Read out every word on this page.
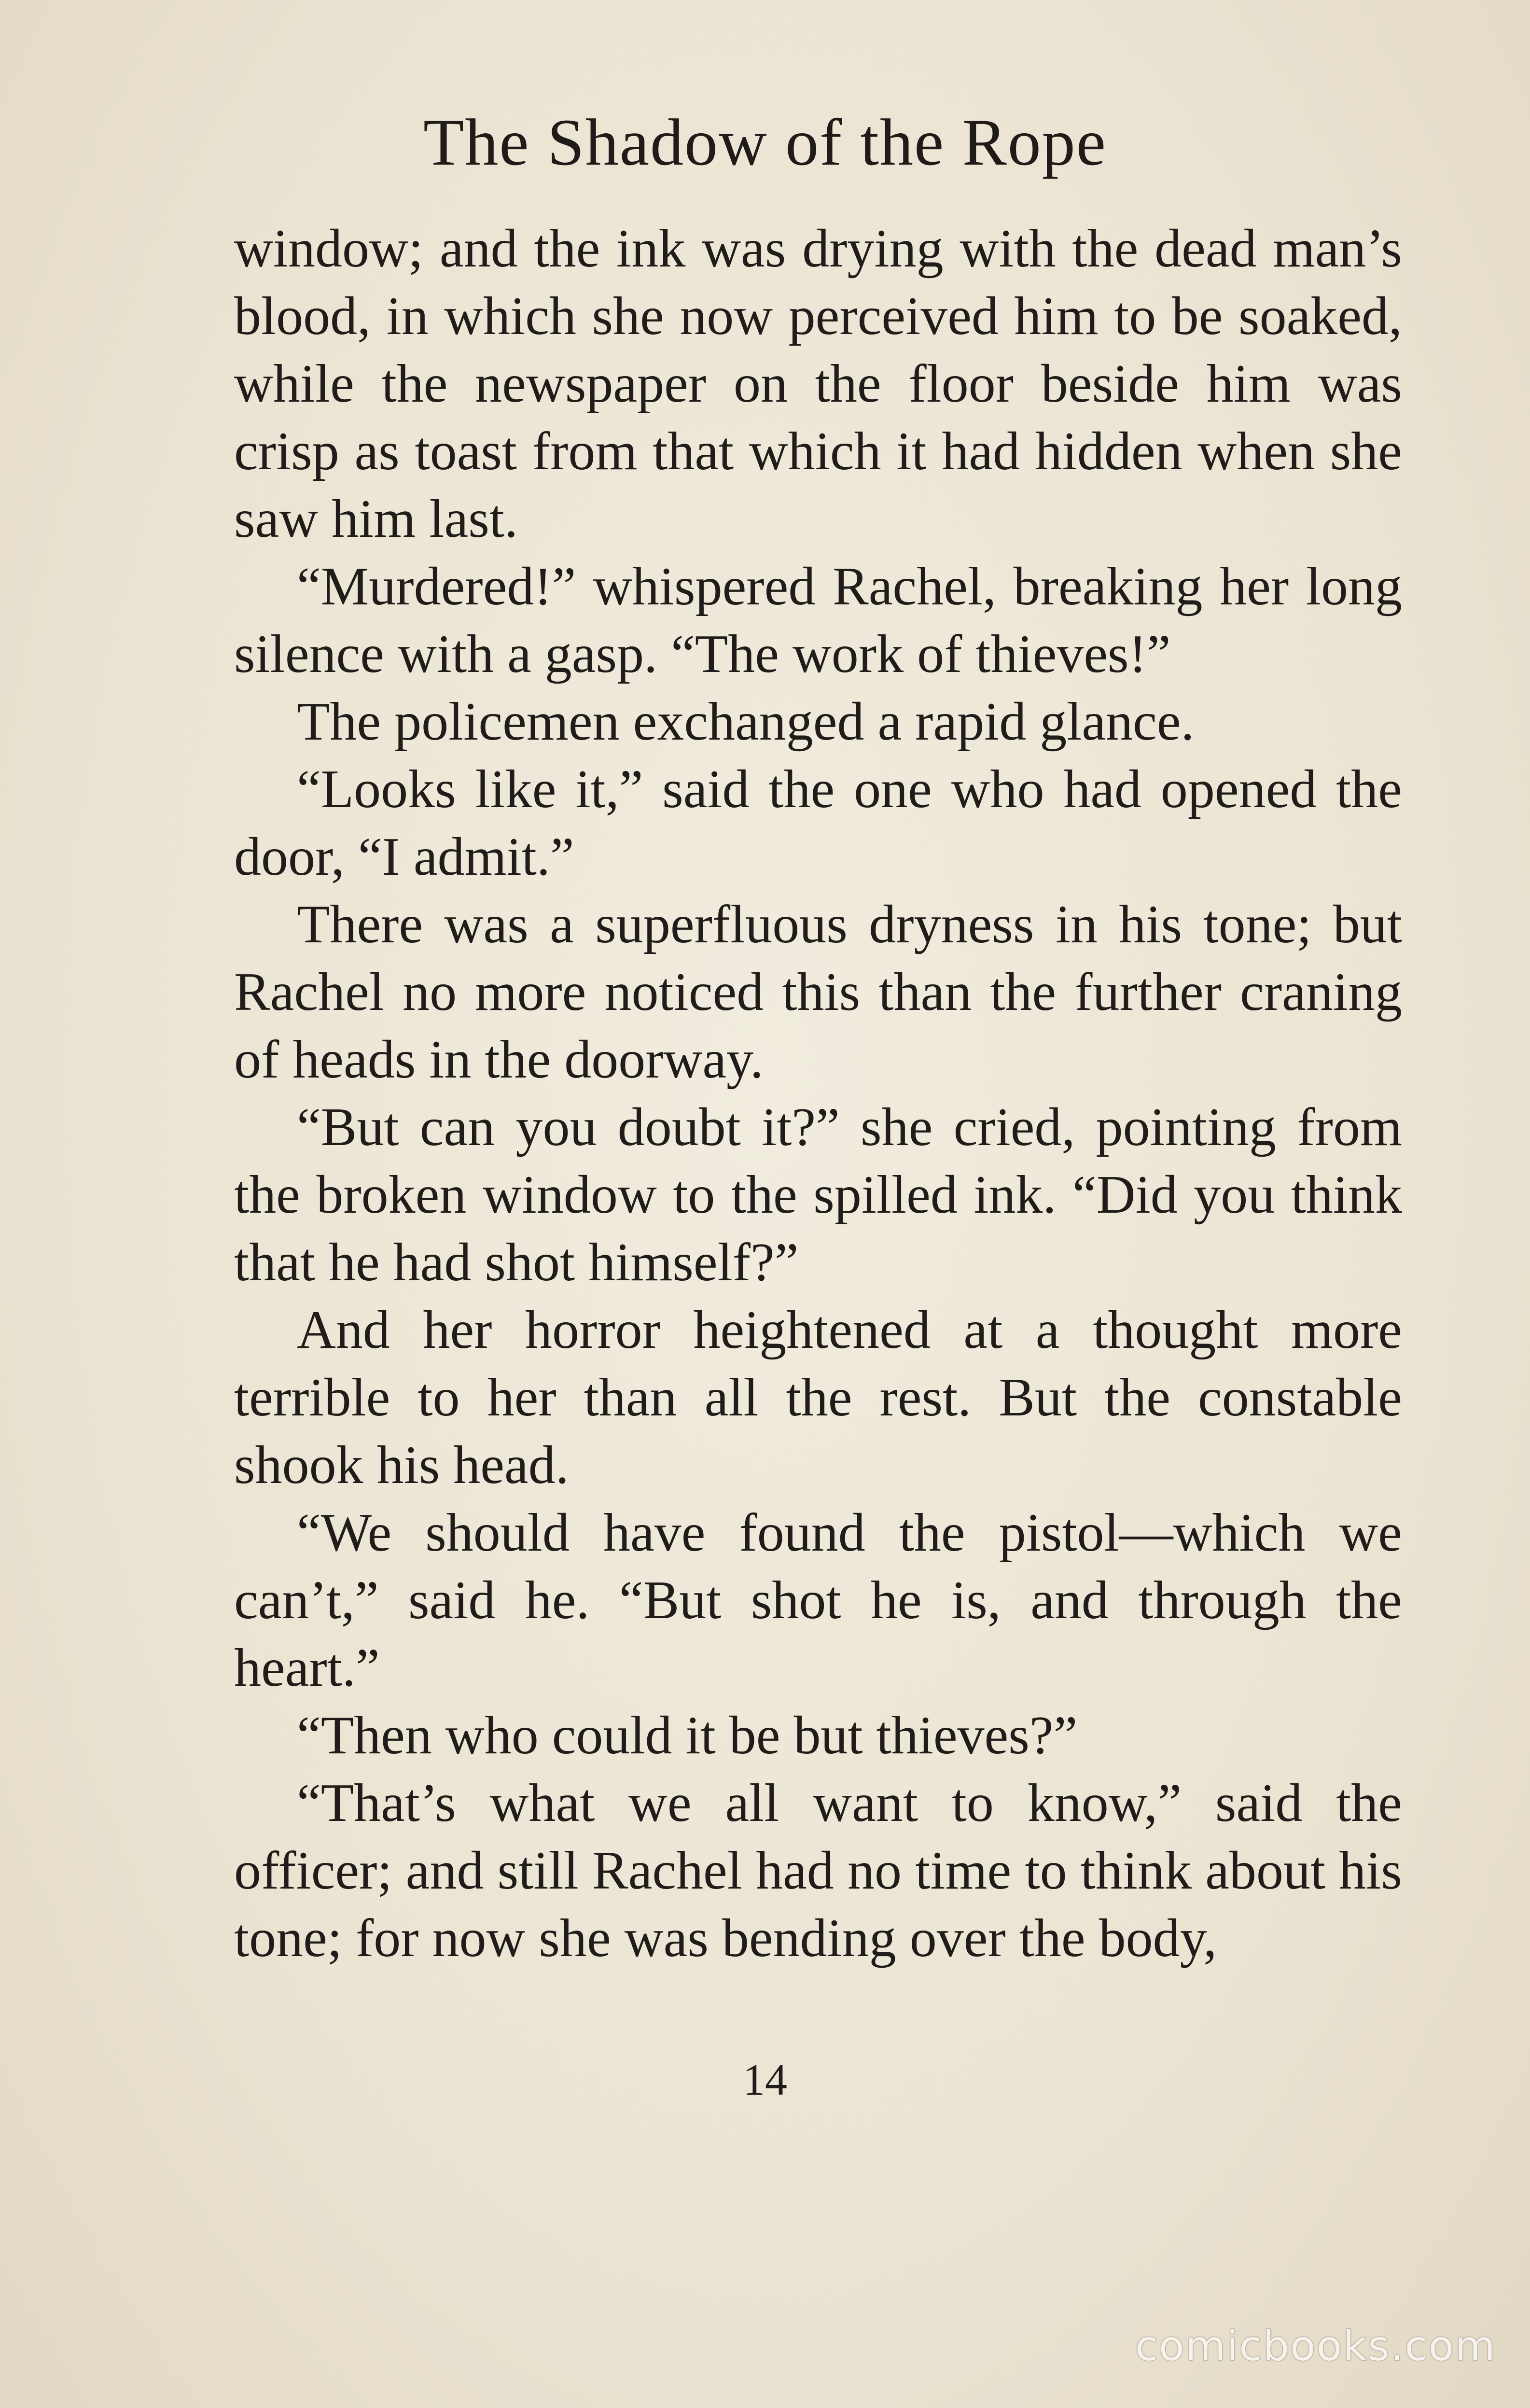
The Shadow of the Rope

window; and the ink was drying with the dead man’s blood, in which she now perceived him to be soaked, while the newspaper on the floor beside him was crisp as toast from that which it had hidden when she saw him last.

“Murdered!” whispered Rachel, breaking her long silence with a gasp. “The work of thieves!”

The policemen exchanged a rapid glance.

“Looks like it,” said the one who had opened the door, “I admit.”

There was a superfluous dryness in his tone; but Rachel no more noticed this than the further craning of heads in the doorway.

“But can you doubt it?” she cried, pointing from the broken window to the spilled ink. “Did you think that he had shot himself?”

And her horror heightened at a thought more terrible to her than all the rest. But the constable shook his head.

“We should have found the pistol—which we can’t,” said he. “But shot he is, and through the heart.”

“Then who could it be but thieves?”

“That’s what we all want to know,” said the officer; and still Rachel had no time to think about his tone; for now she was bending over the body,

14
comicbooks.com
